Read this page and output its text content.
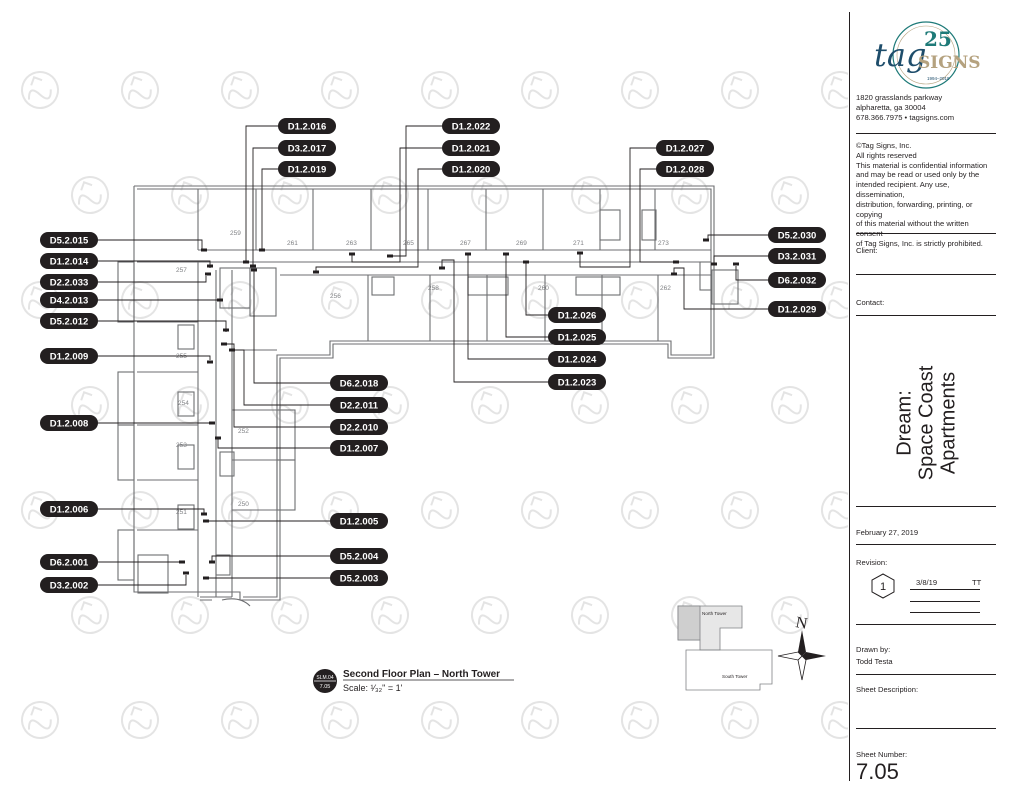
259
261	263	265	267	269	271	273
257
256
258	260	262
255
254
253
252
251
250
D1.2.016
D3.2.017
D1.2.019
D1.2.022
D1.2.021
D1.2.020
D1.2.027
D1.2.028
D5.2.015
D1.2.014
D2.2.033
D4.2.013
D5.2.012
D1.2.009
D1.2.008
D1.2.006
D6.2.001
D3.2.002
D5.2.030
D3.2.031
D6.2.032
D1.2.029
D1.2.026
D1.2.025
D1.2.024
D1.2.023
D6.2.018
D2.2.011
D2.2.010
D1.2.007
D1.2.005
D5.2.004
D5.2.003
SLM.04
7.05
Second Floor Plan – North Tower
Scale: ¹⁄₃₂" = 1'
North Tower
South Tower
N
tag
25
SIGNS
1994–2019
1820 grasslands parkway
alpharetta, ga 30004
678.366.7975 • tagsigns.com
©Tag Signs, Inc.
All rights reserved
This material is confidential information
and may be read or used only by the
intended recipient. Any use, dissemination,
distribution, forwarding, printing, or copying
of this material without the written consent
of Tag Signs, Inc. is strictly prohibited.
Client:
Contact:
Dream: Space Coast Apartments
February 27, 2019
Revision:
1	3/8/19	TT
Drawn by:
Todd Testa
Sheet Description:
Sheet Number:
7.05
